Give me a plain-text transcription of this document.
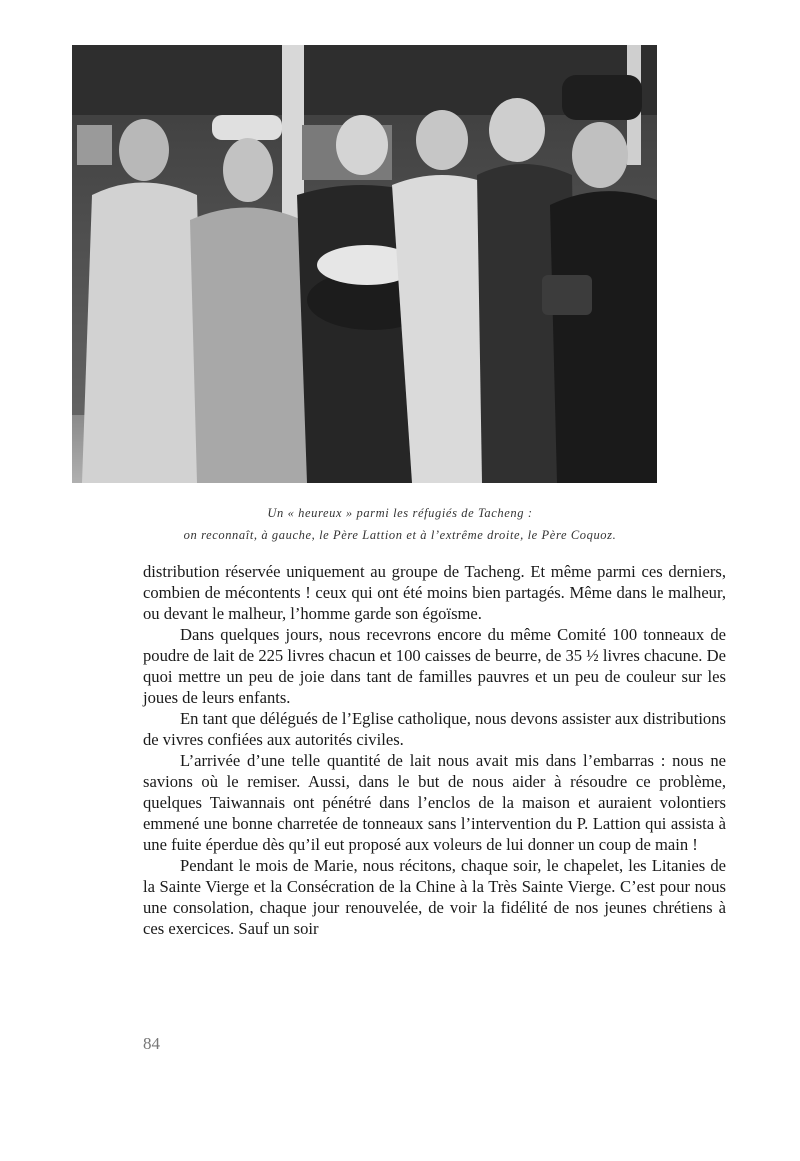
Un « heureux » parmi les réfugiés de Tacheng :
on reconnaît, à gauche, le Père Lattion et à l’extrême droite, le Père Coquoz.

distribution réservée uniquement au groupe de Tacheng. Et même parmi ces derniers, combien de mécontents ! ceux qui ont été moins bien partagés. Même dans le malheur, ou devant le malheur, l’homme garde son égoïsme.

Dans quelques jours, nous recevrons encore du même Comité 100 tonneaux de poudre de lait de 225 livres chacun et 100 caisses de beurre, de 35 ½ livres chacune. De quoi mettre un peu de joie dans tant de familles pauvres et un peu de couleur sur les joues de leurs enfants.

En tant que délégués de l’Eglise catholique, nous devons assister aux distributions de vivres confiées aux autorités civiles.

L’arrivée d’une telle quantité de lait nous avait mis dans l’embarras : nous ne savions où le remiser. Aussi, dans le but de nous aider à résoudre ce problème, quelques Taiwannais ont pénétré dans l’enclos de la maison et auraient volontiers emmené une bonne charretée de tonneaux sans l’intervention du P. Lattion qui assista à une fuite éperdue dès qu’il eut proposé aux voleurs de lui donner un coup de main !

Pendant le mois de Marie, nous récitons, chaque soir, le chapelet, les Litanies de la Sainte Vierge et la Consécration de la Chine à la Très Sainte Vierge. C’est pour nous une consolation, chaque jour renouvelée, de voir la fidélité de nos jeunes chrétiens à ces exercices. Sauf un soir

84
